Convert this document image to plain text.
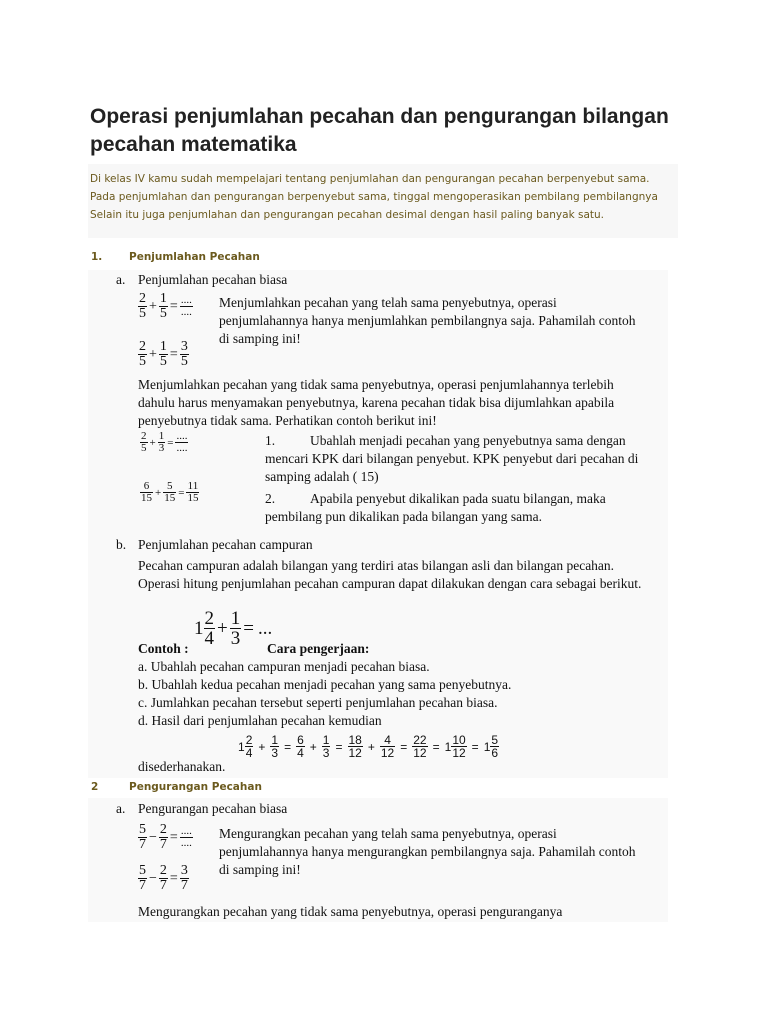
Operasi penjumlahan pecahan dan pengurangan bilangan pecahan matematika

Di kelas IV kamu sudah mempelajari tentang penjumlahan dan pengurangan pecahan berpenyebut sama. Pada penjumlahan dan pengurangan berpenyebut sama, tinggal mengoperasikan pembilang pembilangnya

Selain itu juga penjumlahan dan pengurangan pecahan desimal dengan hasil paling banyak satu.

1.	Penjumlahan Pecahan
a. Penjumlahan pecahan biasa
$\frac{2}{5} + \frac{1}{5} = \frac{....}{....}$ Menjumlahkan pecahan yang telah sama penyebutnya, operasi penjumlahannya hanya menjumlahkan pembilangnya saja. Pahamilah contoh di samping ini!
$\frac{2}{5} + \frac{1}{5} = \frac{3}{5}$
Menjumlahkan pecahan yang tidak sama penyebutnya, operasi penjumlahannya terlebih dahulu harus menyamakan penyebutnya, karena pecahan tidak bisa dijumlahkan apabila penyebutnya tidak sama. Perhatikan contoh berikut ini!
$\frac{2}{5} + \frac{1}{3} = \frac{....}{....}$	1.	Ubahlah menjadi pecahan yang penyebutnya sama dengan mencari KPK dari bilangan penyebut. KPK penyebut dari pecahan di samping adalah ( 15)
$\frac{6}{15} + \frac{5}{15} = \frac{11}{15}$	2.	Apabila penyebut dikalikan pada suatu bilangan, maka pembilang pun dikalikan pada bilangan yang sama.
b. Penjumlahan pecahan campuran
Pecahan campuran adalah bilangan yang terdiri atas bilangan asli dan bilangan pecahan. Operasi hitung penjumlahan pecahan campuran dapat dilakukan dengan cara sebagai berikut.
$1 \frac{2}{4} + \frac{1}{3}$ = ...
Contoh :	Cara pengerjaan:
a. Ubahlah pecahan campuran menjadi pecahan biasa.
b. Ubahlah kedua pecahan menjadi pecahan yang sama penyebutnya.
c. Jumlahkan pecahan tersebut seperti penjumlahan pecahan biasa.
d. Hasil dari penjumlahan pecahan kemudian
$1 \frac{2}{4} + \frac{1}{3} = \frac{6}{4} + \frac{1}{3} = \frac{18}{12} + \frac{4}{12} = \frac{22}{12} = 1 \frac{10}{12} = 1 \frac{5}{6}$
disederhanakan.
2	Pengurangan Pecahan
a. Pengurangan pecahan biasa
$\frac{5}{7} - \frac{2}{7} = \frac{....}{....}$ Mengurangkan pecahan yang telah sama penyebutnya, operasi penjumlahannya hanya mengurangkan pembilangnya saja. Pahamilah contoh di samping ini!
$\frac{5}{7} - \frac{2}{7} = \frac{3}{7}$
Mengurangkan pecahan yang tidak sama penyebutnya, operasi penguranganya
